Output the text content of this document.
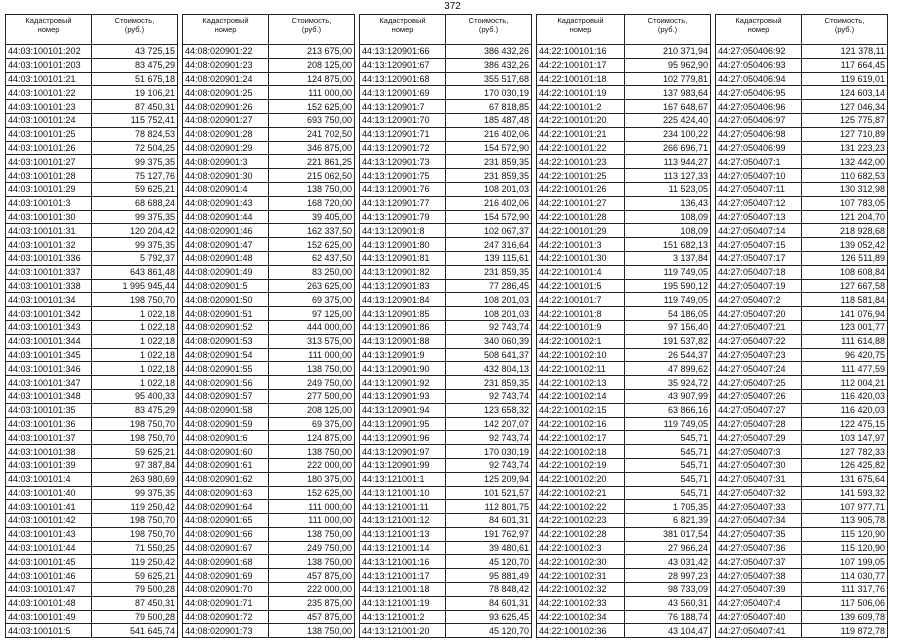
372
Кадастровый
номер	Стоимость,
(руб.)

44:03:100101:202	43 725,15
44:03:100101:203	83 475,29
44:03:100101:21	51 675,18
44:03:100101:22	19 106,21
44:03:100101:23	87 450,31
44:03:100101:24	115 752,41
44:03:100101:25	78 824,53
44:03:100101:26	72 504,25
44:03:100101:27	99 375,35
44:03:100101:28	75 127,76
44:03:100101:29	59 625,21
44:03:100101:3	68 688,24
44:03:100101:30	99 375,35
44:03:100101:31	120 204,42
44:03:100101:32	99 375,35
44:03:100101:336	5 792,37
44:03:100101:337	643 861,48
44:03:100101:338	1 995 945,44
44:03:100101:34	198 750,70
44:03:100101:342	1 022,18
44:03:100101:343	1 022,18
44:03:100101:344	1 022,18
44:03:100101:345	1 022,18
44:03:100101:346	1 022,18
44:03:100101:347	1 022,18
44:03:100101:348	95 400,33
44:03:100101:35	83 475,29
44:03:100101:36	198 750,70
44:03:100101:37	198 750,70
44:03:100101:38	59 625,21
44:03:100101:39	97 387,84
44:03:100101:4	263 980,69
44:03:100101:40	99 375,35
44:03:100101:41	119 250,42
44:03:100101:42	198 750,70
44:03:100101:43	198 750,70
44:03:100101:44	71 550,25
44:03:100101:45	119 250,42
44:03:100101:46	59 625,21
44:03:100101:47	79 500,28
44:03:100101:48	87 450,31
44:03:100101:49	79 500,28
44:03:100101:5	541 645,74
Кадастровый
номер	Стоимость,
(руб.)

44:08:020901:22	213 675,00
44:08:020901:23	208 125,00
44:08:020901:24	124 875,00
44:08:020901:25	111 000,00
44:08:020901:26	152 625,00
44:08:020901:27	693 750,00
44:08:020901:28	241 702,50
44:08:020901:29	346 875,00
44:08:020901:3	221 861,25
44:08:020901:30	215 062,50
44:08:020901:4	138 750,00
44:08:020901:43	168 720,00
44:08:020901:44	39 405,00
44:08:020901:46	162 337,50
44:08:020901:47	152 625,00
44:08:020901:48	62 437,50
44:08:020901:49	83 250,00
44:08:020901:5	263 625,00
44:08:020901:50	69 375,00
44:08:020901:51	97 125,00
44:08:020901:52	444 000,00
44:08:020901:53	313 575,00
44:08:020901:54	111 000,00
44:08:020901:55	138 750,00
44:08:020901:56	249 750,00
44:08:020901:57	277 500,00
44:08:020901:58	208 125,00
44:08:020901:59	69 375,00
44:08:020901:6	124 875,00
44:08:020901:60	138 750,00
44:08:020901:61	222 000,00
44:08:020901:62	180 375,00
44:08:020901:63	152 625,00
44:08:020901:64	111 000,00
44:08:020901:65	111 000,00
44:08:020901:66	138 750,00
44:08:020901:67	249 750,00
44:08:020901:68	138 750,00
44:08:020901:69	457 875,00
44:08:020901:70	222 000,00
44:08:020901:71	235 875,00
44:08:020901:72	457 875,00
44:08:020901:73	138 750,00
Кадастровый
номер	Стоимость,
(руб.)

44:13:120901:66	386 432,26
44:13:120901:67	386 432,26
44:13:120901:68	355 517,68
44:13:120901:69	170 030,19
44:13:120901:7	67 818,85
44:13:120901:70	185 487,48
44:13:120901:71	216 402,06
44:13:120901:72	154 572,90
44:13:120901:73	231 859,35
44:13:120901:75	231 859,35
44:13:120901:76	108 201,03
44:13:120901:77	216 402,06
44:13:120901:79	154 572,90
44:13:120901:8	102 067,37
44:13:120901:80	247 316,64
44:13:120901:81	139 115,61
44:13:120901:82	231 859,35
44:13:120901:83	77 286,45
44:13:120901:84	108 201,03
44:13:120901:85	108 201,03
44:13:120901:86	92 743,74
44:13:120901:88	340 060,39
44:13:120901:9	508 641,37
44:13:120901:90	432 804,13
44:13:120901:92	231 859,35
44:13:120901:93	92 743,74
44:13:120901:94	123 658,32
44:13:120901:95	142 207,07
44:13:120901:96	92 743,74
44:13:120901:97	170 030,19
44:13:120901:99	92 743,74
44:13:121001:1	125 209,94
44:13:121001:10	101 521,57
44:13:121001:11	112 801,75
44:13:121001:12	84 601,31
44:13:121001:13	191 762,97
44:13:121001:14	39 480,61
44:13:121001:16	45 120,70
44:13:121001:17	95 881,49
44:13:121001:18	78 848,42
44:13:121001:19	84 601,31
44:13:121001:2	93 625,45
44:13:121001:20	45 120,70
Кадастровый
номер	Стоимость,
(руб.)

44:22:100101:16	210 371,94
44:22:100101:17	95 962,90
44:22:100101:18	102 779,81
44:22:100101:19	137 983,64
44:22:100101:2	167 648,67
44:22:100101:20	225 424,40
44:22:100101:21	234 100,22
44:22:100101:22	266 696,71
44:22:100101:23	113 944,27
44:22:100101:25	113 127,33
44:22:100101:26	11 523,05
44:22:100101:27	136,43
44:22:100101:28	108,09
44:22:100101:29	108,09
44:22:100101:3	151 682,13
44:22:100101:30	3 137,84
44:22:100101:4	119 749,05
44:22:100101:5	195 590,12
44:22:100101:7	119 749,05
44:22:100101:8	54 186,05
44:22:100101:9	97 156,40
44:22:100102:1	191 537,82
44:22:100102:10	26 544,37
44:22:100102:11	47 899,62
44:22:100102:13	35 924,72
44:22:100102:14	43 907,99
44:22:100102:15	63 866,16
44:22:100102:16	119 749,05
44:22:100102:17	545,71
44:22:100102:18	545,71
44:22:100102:19	545,71
44:22:100102:20	545,71
44:22:100102:21	545,71
44:22:100102:22	1 705,35
44:22:100102:23	6 821,39
44:22:100102:28	381 017,54
44:22:100102:3	27 966,24
44:22:100102:30	43 031,42
44:22:100102:31	28 997,23
44:22:100102:32	98 733,09
44:22:100102:33	43 560,31
44:22:100102:34	76 188,74
44:22:100102:36	43 104,47
Кадастровый
номер	Стоимость,
(руб.)

44:27:050406:92	121 378,11
44:27:050406:93	117 664,45
44:27:050406:94	119 619,01
44:27:050406:95	124 603,14
44:27:050406:96	127 046,34
44:27:050406:97	125 775,87
44:27:050406:98	127 710,89
44:27:050406:99	131 223,23
44:27:050407:1	132 442,00
44:27:050407:10	110 682,53
44:27:050407:11	130 312,98
44:27:050407:12	107 783,05
44:27:050407:13	121 204,70
44:27:050407:14	218 928,68
44:27:050407:15	139 052,42
44:27:050407:17	126 511,89
44:27:050407:18	108 608,84
44:27:050407:19	127 667,58
44:27:050407:2	118 581,84
44:27:050407:20	141 076,94
44:27:050407:21	123 001,77
44:27:050407:22	111 614,88
44:27:050407:23	96 420,75
44:27:050407:24	111 477,59
44:27:050407:25	112 004,21
44:27:050407:26	116 420,03
44:27:050407:27	116 420,03
44:27:050407:28	122 475,15
44:27:050407:29	103 147,97
44:27:050407:3	127 782,33
44:27:050407:30	126 425,82
44:27:050407:31	131 675,64
44:27:050407:32	141 593,32
44:27:050407:33	107 977,71
44:27:050407:34	113 905,78
44:27:050407:35	115 120,90
44:27:050407:36	115 120,90
44:27:050407:37	107 199,05
44:27:050407:38	114 030,77
44:27:050407:39	111 317,76
44:27:050407:4	117 506,06
44:27:050407:40	139 609,78
44:27:050407:41	119 872,78
